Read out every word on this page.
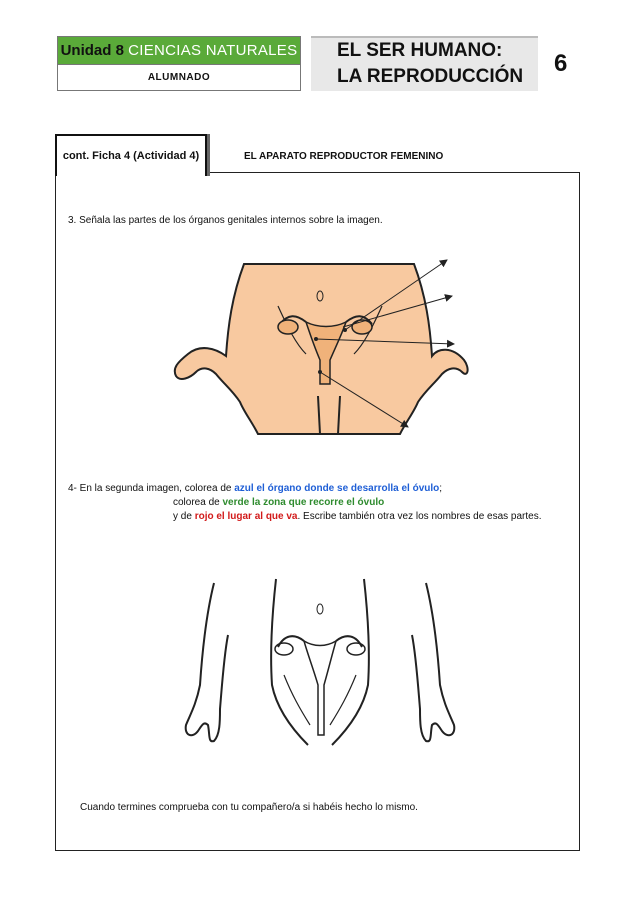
Unidad 8 CIENCIAS NATURALES
ALUMNADO
EL SER HUMANO:
LA REPRODUCCIÓN	6
cont. Ficha 4 (Actividad 4)	EL APARATO REPRODUCTOR FEMENINO
3. Señala las partes de los órganos genitales internos sobre la imagen.
4- En la segunda imagen, colorea de azul el órgano donde se desarrolla el óvulo;
colorea de verde la zona que recorre el óvulo
y de rojo el lugar al que va. Escribe también otra vez los nombres de esas partes.
Cuando termines comprueba con tu compañero/a si habéis hecho lo mismo.
